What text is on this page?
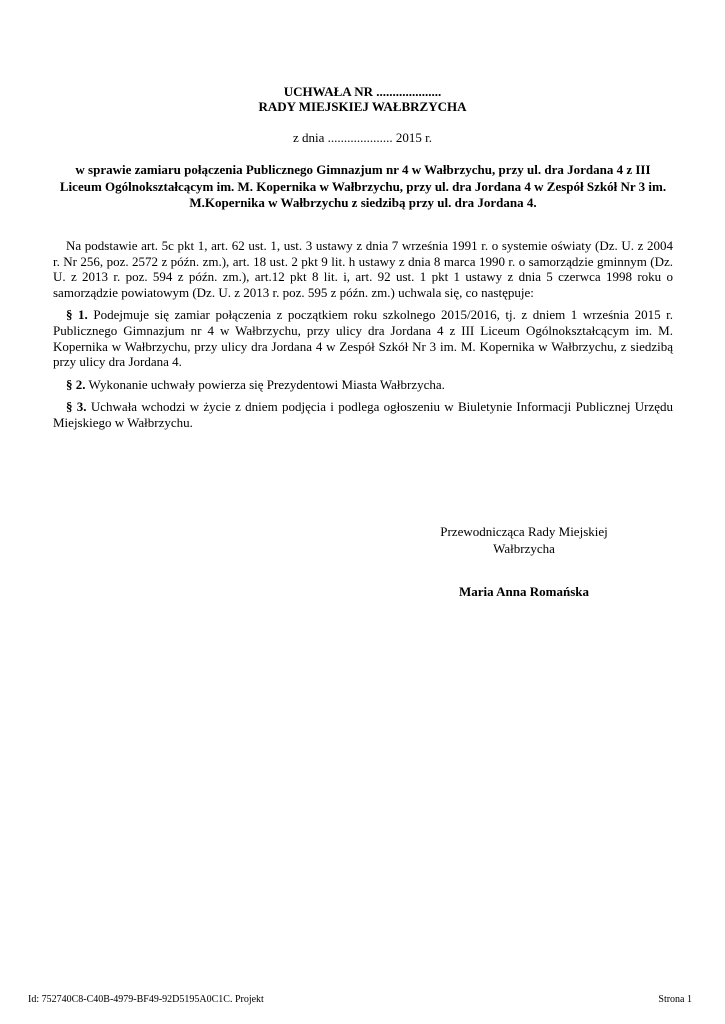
UCHWAŁA NR ....................
RADY MIEJSKIEJ WAŁBRZYCHA
z dnia .................... 2015 r.
w sprawie zamiaru połączenia Publicznego Gimnazjum nr 4 w Wałbrzychu, przy ul. dra Jordana 4 z III Liceum Ogólnokształcącym im. M. Kopernika w Wałbrzychu, przy ul. dra Jordana 4 w Zespół Szkół Nr 3 im. M.Kopernika w Wałbrzychu z siedzibą przy ul. dra Jordana 4.

Na podstawie art. 5c pkt 1, art. 62 ust. 1, ust. 3 ustawy z dnia 7 września 1991 r. o systemie oświaty (Dz. U. z 2004 r. Nr 256, poz. 2572 z późn. zm.), art. 18 ust. 2 pkt 9 lit. h ustawy z dnia 8 marca 1990 r. o samorządzie gminnym (Dz. U. z 2013 r. poz. 594 z późn. zm.), art.12 pkt 8 lit. i, art. 92 ust. 1 pkt 1 ustawy z dnia 5 czerwca 1998 roku o samorządzie powiatowym (Dz. U. z 2013 r. poz. 595 z późn. zm.) uchwala się, co następuje:

§ 1. Podejmuje się zamiar połączenia z początkiem roku szkolnego 2015/2016, tj. z dniem 1 września 2015 r. Publicznego Gimnazjum nr 4 w Wałbrzychu, przy ulicy dra Jordana 4 z III Liceum Ogólnokształcącym im. M. Kopernika w Wałbrzychu, przy ulicy dra Jordana 4 w Zespół Szkół Nr 3 im. M. Kopernika w Wałbrzychu, z siedzibą przy ulicy dra Jordana 4.

§ 2. Wykonanie uchwały powierza się Prezydentowi Miasta Wałbrzycha.

§ 3. Uchwała wchodzi w życie z dniem podjęcia i podlega ogłoszeniu w Biuletynie Informacji Publicznej Urzędu Miejskiego w Wałbrzychu.

Przewodnicząca Rady Miejskiej
Wałbrzycha
Maria Anna Romańska
Id: 752740C8-C40B-4979-BF49-92D5195A0C1C. Projekt	Strona 1
